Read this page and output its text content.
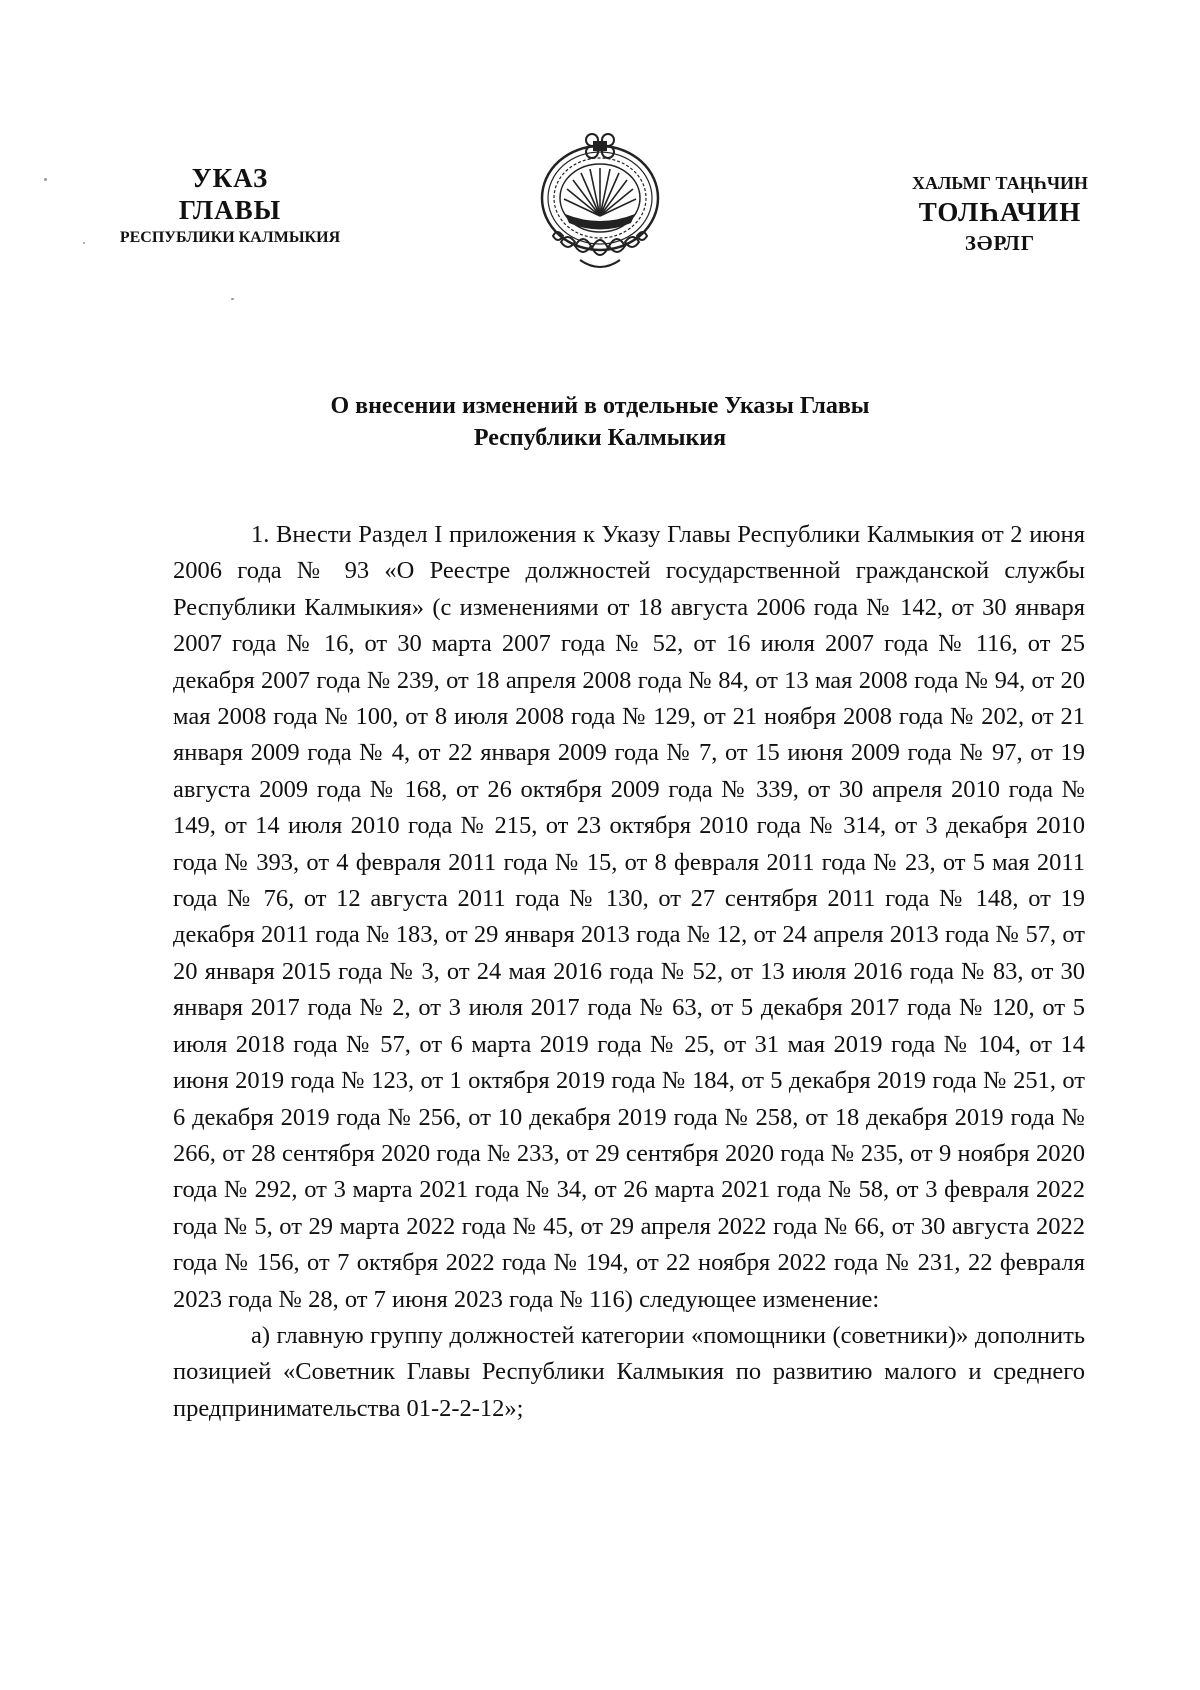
УКАЗ
ГЛАВЫ
РЕСПУБЛИКИ КАЛМЫКИЯ
ХАЛЬМГ ТАҢҺЧИН
ТОЛҺАЧИН
ЗӘРЛГ
О внесении изменений в отдельные Указы Главы
Республики Калмыкия

1. Внести Раздел I приложения к Указу Главы Республики Калмыкия от 2 июня 2006 года № 93 «О Реестре должностей государственной гражданской службы Республики Калмыкия» (с изменениями от 18 августа 2006 года № 142, от 30 января 2007 года № 16, от 30 марта 2007 года № 52, от 16 июля 2007 года № 116, от 25 декабря 2007 года № 239, от 18 апреля 2008 года № 84, от 13 мая 2008 года № 94, от 20 мая 2008 года № 100, от 8 июля 2008 года № 129, от 21 ноября 2008 года № 202, от 21 января 2009 года № 4, от 22 января 2009 года № 7, от 15 июня 2009 года № 97, от 19 августа 2009 года № 168, от 26 октября 2009 года № 339, от 30 апреля 2010 года № 149, от 14 июля 2010 года № 215, от 23 октября 2010 года № 314, от 3 декабря 2010 года № 393, от 4 февраля 2011 года № 15, от 8 февраля 2011 года № 23, от 5 мая 2011 года № 76, от 12 августа 2011 года № 130, от 27 сентября 2011 года № 148, от 19 декабря 2011 года № 183, от 29 января 2013 года № 12, от 24 апреля 2013 года № 57, от 20 января 2015 года № 3, от 24 мая 2016 года № 52, от 13 июля 2016 года № 83, от 30 января 2017 года № 2, от 3 июля 2017 года № 63, от 5 декабря 2017 года № 120, от 5 июля 2018 года № 57, от 6 марта 2019 года № 25, от 31 мая 2019 года № 104, от 14 июня 2019 года № 123, от 1 октября 2019 года № 184, от 5 декабря 2019 года № 251, от 6 декабря 2019 года № 256, от 10 декабря 2019 года № 258, от 18 декабря 2019 года № 266, от 28 сентября 2020 года № 233, от 29 сентября 2020 года № 235, от 9 ноября 2020 года № 292, от 3 марта 2021 года № 34, от 26 марта 2021 года № 58, от 3 февраля 2022 года № 5, от 29 марта 2022 года № 45, от 29 апреля 2022 года № 66, от 30 августа 2022 года № 156, от 7 октября 2022 года № 194, от 22 ноября 2022 года № 231, 22 февраля 2023 года № 28, от 7 июня 2023 года № 116) следующее изменение:

а) главную группу должностей категории «помощники (советники)» дополнить позицией «Советник Главы Республики Калмыкия по развитию малого и среднего предпринимательства 01-2-2-12»;
